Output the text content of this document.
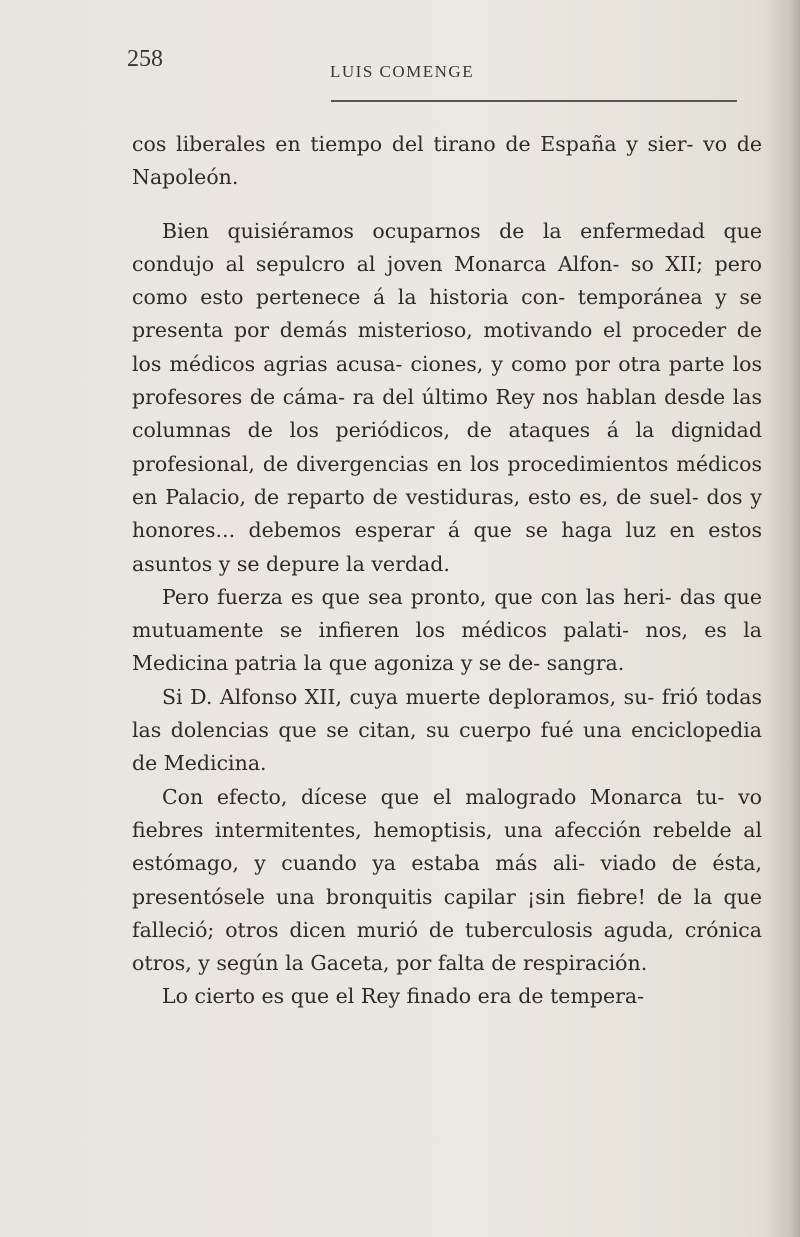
258	LUIS COMENGE

cos liberales en tiempo del tirano de España y sier- vo de Napoleón.

Bien quisiéramos ocuparnos de la enfermedad que condujo al sepulcro al joven Monarca Alfon- so XII; pero como esto pertenece á la historia con- temporánea y se presenta por demás misterioso, motivando el proceder de los médicos agrias acusa- ciones, y como por otra parte los profesores de cáma- ra del último Rey nos hablan desde las columnas de los periódicos, de ataques á la dignidad profesional, de divergencias en los procedimientos médicos en Palacio, de reparto de vestiduras, esto es, de suel- dos y honores... debemos esperar á que se haga luz en estos asuntos y se depure la verdad.

Pero fuerza es que sea pronto, que con las heri- das que mutuamente se infieren los médicos palati- nos, es la Medicina patria la que agoniza y se de- sangra.

Si D. Alfonso XII, cuya muerte deploramos, su- frió todas las dolencias que se citan, su cuerpo fué una enciclopedia de Medicina.

Con efecto, dícese que el malogrado Monarca tu- vo fiebres intermitentes, hemoptisis, una afección rebelde al estómago, y cuando ya estaba más ali- viado de ésta, presentósele una bronquitis capilar ¡sin fiebre! de la que falleció; otros dicen murió de tuberculosis aguda, crónica otros, y según la Gaceta, por falta de respiración.

Lo cierto es que el Rey finado era de tempera-
